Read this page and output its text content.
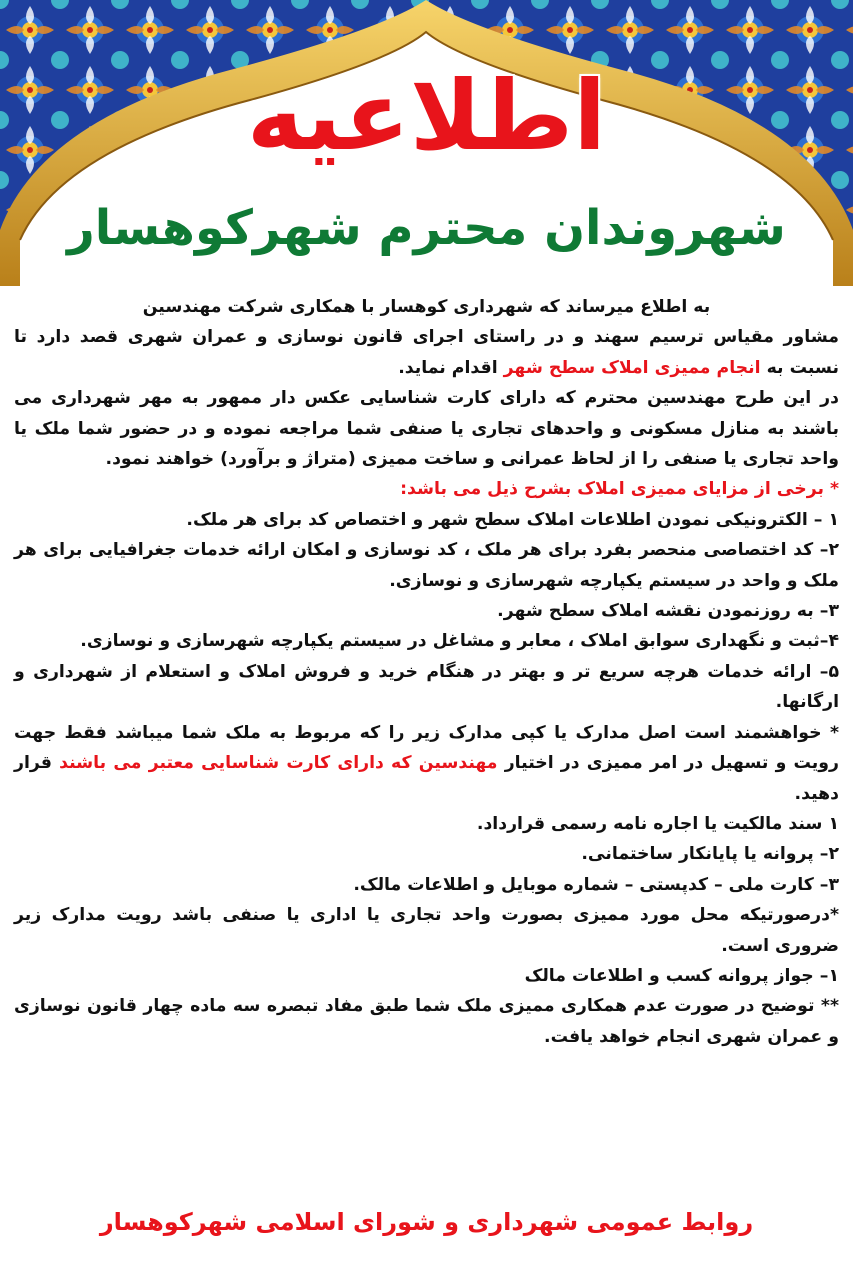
اطلاعیه
شهروندان محترم شهرکوهسار

به اطلاع میرساند که شهرداری کوهسار با همکاری شرکت مهندسین

مشاور مقیاس ترسیم سهند و در راستای اجرای قانون نوسازی و عمران شهری قصد دارد تا نسبت به انجام ممیزی املاک سطح شهر اقدام نماید.

در این طرح مهندسین محترم که دارای کارت شناسایی عکس دار ممهور به مهر شهرداری می باشند به منازل مسکونی و واحدهای تجاری یا صنفی شما مراجعه نموده و در حضور شما ملک یا واحد تجاری یا صنفی را از لحاظ عمرانی و ساخت ممیزی (متراژ و برآورد) خواهند نمود.

* برخی از مزایای ممیزی املاک بشرح ذیل می باشد:

۱ – الکترونیکی نمودن اطلاعات املاک سطح شهر و اختصاص کد برای هر ملک.

۲– کد اختصاصی منحصر بفرد برای هر ملک ، کد نوسازی و امکان ارائه خدمات جغرافیایی برای هر ملک و واحد در سیستم یکپارچه شهرسازی و نوسازی.

۳– به روزنمودن نقشه املاک سطح شهر.

۴–ثبت و نگهداری سوابق املاک ، معابر و مشاغل در سیستم یکپارچه شهرسازی و نوسازی.

۵– ارائه خدمات هرچه سریع تر و بهتر در هنگام خرید و فروش املاک و استعلام از شهرداری و ارگانها.

* خواهشمند است اصل مدارک یا کپی مدارک زیر را که مربوط به ملک شما میباشد فقط جهت رویت و تسهیل در امر ممیزی در اختیار مهندسین که دارای کارت شناسایی معتبر می باشند قرار دهید.

۱ سند مالکیت یا اجاره نامه رسمی قرارداد.

۲– پروانه یا پایانکار ساختمانی.

۳– کارت ملی – کدپستی – شماره موبایل و اطلاعات مالک.

*درصورتیکه محل مورد ممیزی بصورت واحد تجاری یا اداری یا صنفی باشد رویت مدارک زیر ضروری است.

۱– جواز پروانه کسب و اطلاعات مالک

** توضیح در صورت عدم همکاری ممیزی ملک شما طبق مفاد تبصره سه ماده چهار قانون نوسازی و عمران شهری انجام خواهد یافت.

روابط عمومی شهرداری و شورای اسلامی شهرکوهسار
